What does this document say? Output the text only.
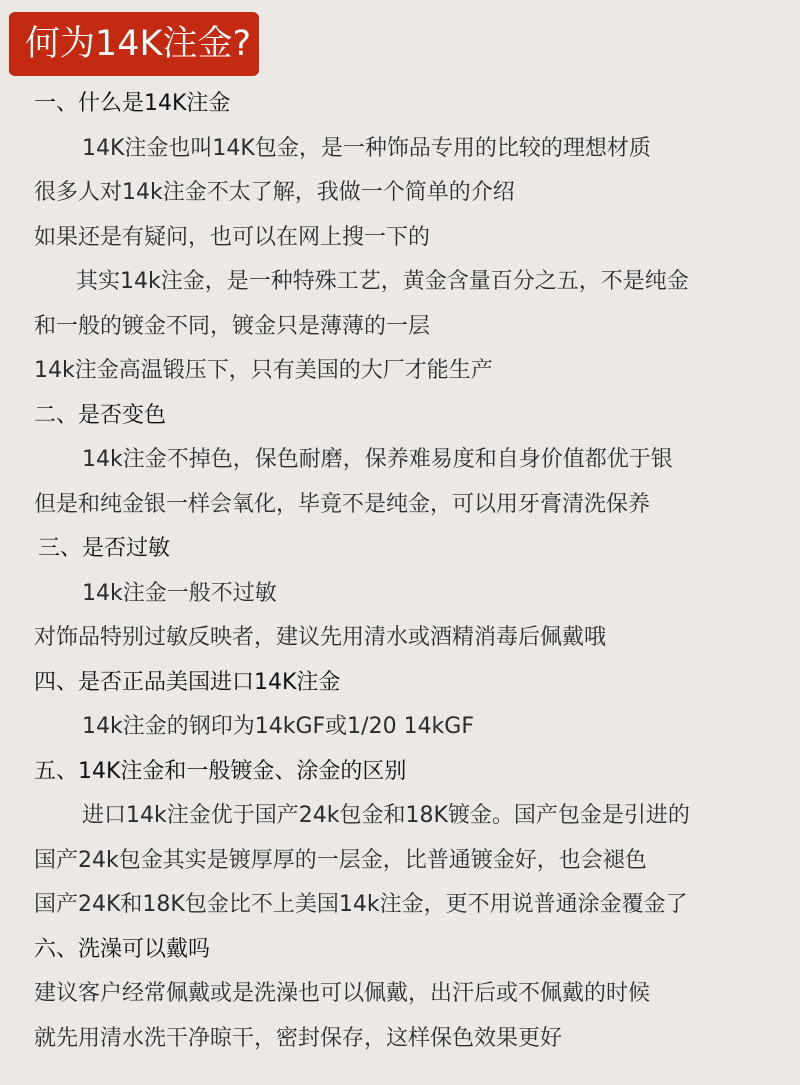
何为14K注金?
一、什么是14K注金
14K注金也叫14K包金，是一种饰品专用的比较的理想材质
很多人对14k注金不太了解，我做一个简单的介绍
如果还是有疑问，也可以在网上搜一下的
其实14k注金，是一种特殊工艺，黄金含量百分之五，不是纯金
和一般的镀金不同，镀金只是薄薄的一层
14k注金高温锻压下，只有美国的大厂才能生产
二、是否变色
14k注金不掉色，保色耐磨，保养难易度和自身价值都优于银
但是和纯金银一样会氧化，毕竟不是纯金，可以用牙膏清洗保养
三、是否过敏
14k注金一般不过敏
对饰品特别过敏反映者，建议先用清水或酒精消毒后佩戴哦
四、是否正品美国进口14K注金
14k注金的钢印为14kGF或1/20 14kGF
五、14K注金和一般镀金、涂金的区别
进口14k注金优于国产24k包金和18K镀金。国产包金是引进的
国产24k包金其实是镀厚厚的一层金，比普通镀金好，也会褪色
国产24K和18K包金比不上美国14k注金，更不用说普通涂金覆金了
六、洗澡可以戴吗
建议客户经常佩戴或是洗澡也可以佩戴，出汗后或不佩戴的时候
就先用清水洗干净晾干，密封保存，这样保色效果更好
